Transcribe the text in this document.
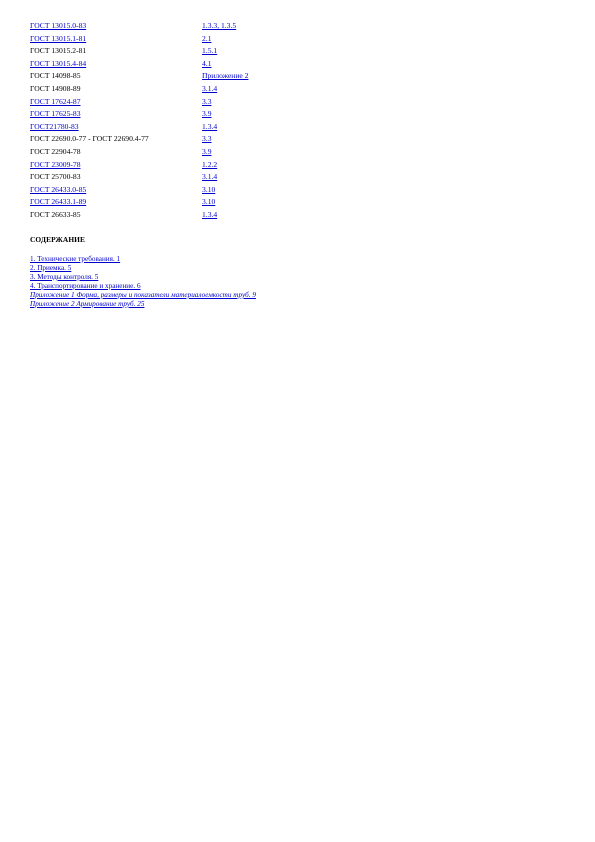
ГОСТ 13015.0-83	1.3.3, 1.3.5
ГОСТ 13015.1-81	2.1
ГОСТ 13015.2-81	1.5.1
ГОСТ 13015.4-84	4.1
ГОСТ 14098-85	Приложение 2
ГОСТ 14908-89	3.1.4
ГОСТ 17624-87	3.3
ГОСТ 17625-83	3.9
ГОСТ21780-83	1.3.4
ГОСТ 22690.0-77 - ГОСТ 22690.4-77	3.3
ГОСТ 22904-78	3.9
ГОСТ 23009-78	1.2.2
ГОСТ 25700-83	3.1.4
ГОСТ 26433.0-85	3.10
ГОСТ 26433.1-89	3.10
ГОСТ 26633-85	1.3.4
СОДЕРЖАНИЕ
1. Технические требования. 1
2. Приемка. 5
3. Методы контроля. 5
4. Транспортирование и хранение. 6
Приложение 1 Форма, размеры и показатели материалоемкости труб. 9
Приложение 2 Армирование труб. 25
